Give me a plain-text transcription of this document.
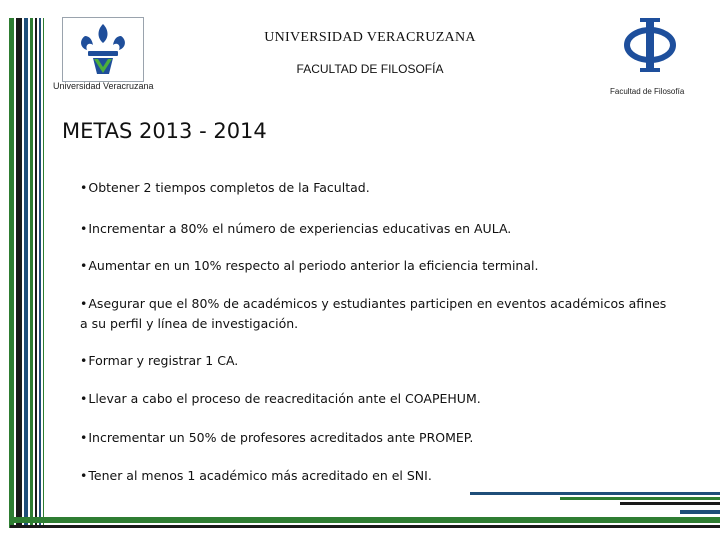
Universidad Veracruzana
UNIVERSIDAD VERACRUZANA
FACULTAD DE FILOSOFÍA
Facultad de Filosofía
METAS 2013 - 2014
•Obtener 2 tiempos completos de la Facultad.
•Incrementar a 80% el número de experiencias educativas en AULA.
•Aumentar en un 10% respecto al periodo anterior la eficiencia terminal.
•Asegurar que el 80% de académicos y estudiantes participen en eventos académicos afines a su perfil y línea de investigación.
•Formar y registrar 1 CA.
•Llevar a cabo el proceso de reacreditación ante el COAPEHUM.
•Incrementar un 50% de profesores acreditados ante PROMEP.
•Tener al menos 1 académico más acreditado en el SNI.
